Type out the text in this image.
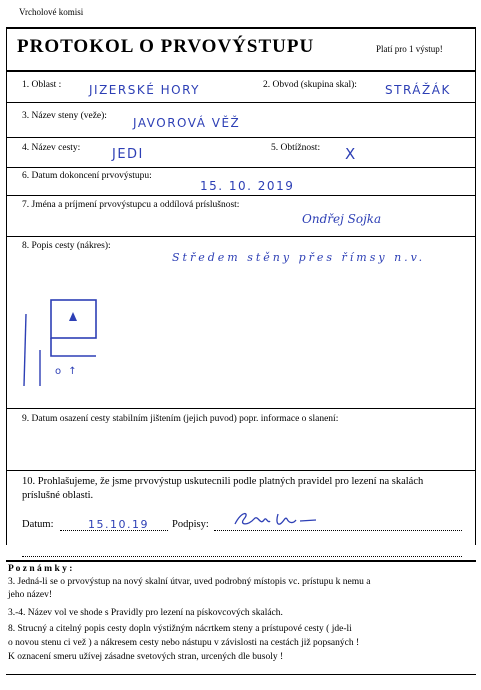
Vrcholové komisi
PROTOKOL O PRVOVÝSTUPU	Platí pro 1 výstup!
1. Oblast : JIZERSKÉ HORY	2. Obvod (skupina skal): STRÁŽÁK
3. Název steny (veže): JAVOROVÁ VĚŽ
4. Název cesty: JEDI	5. Obtížnost: X
6. Datum dokoncení prvovýstupu:
15. 10. 2019
7. Jména a príjmení prvovýstupcu a oddílová príslušnost:
Ondřej Sojka
8. Popis cesty (nákres):
Středem stěny přes římsy n.v.
o ↑
9. Datum osazení cesty stabilním jištením (jejich puvod) popr. informace o slanení:
10. Prohlašujeme, že jsme prvovýstup uskutecnili podle platných pravidel pro lezení na skalách
príslušné oblasti.
Datum:	15.10.19 Podpisy:
P o z n á m k y :
3. Jedná-li se o prvovýstup na nový skalní útvar, uved podrobný místopis vc. prístupu k nemu a
jeho název!
3.-4. Název vol ve shode s Pravidly pro lezení na pískovcových skalách.
8. Strucný a citelný popis cesty dopln výstižným nácrtkem steny a prístupové cesty ( jde-li
o novou stenu ci vež ) a nákresem cesty nebo nástupu v závislosti na cestách již popsaných !
K oznacení smeru užívej zásadne svetových stran, urcených dle busoly !
